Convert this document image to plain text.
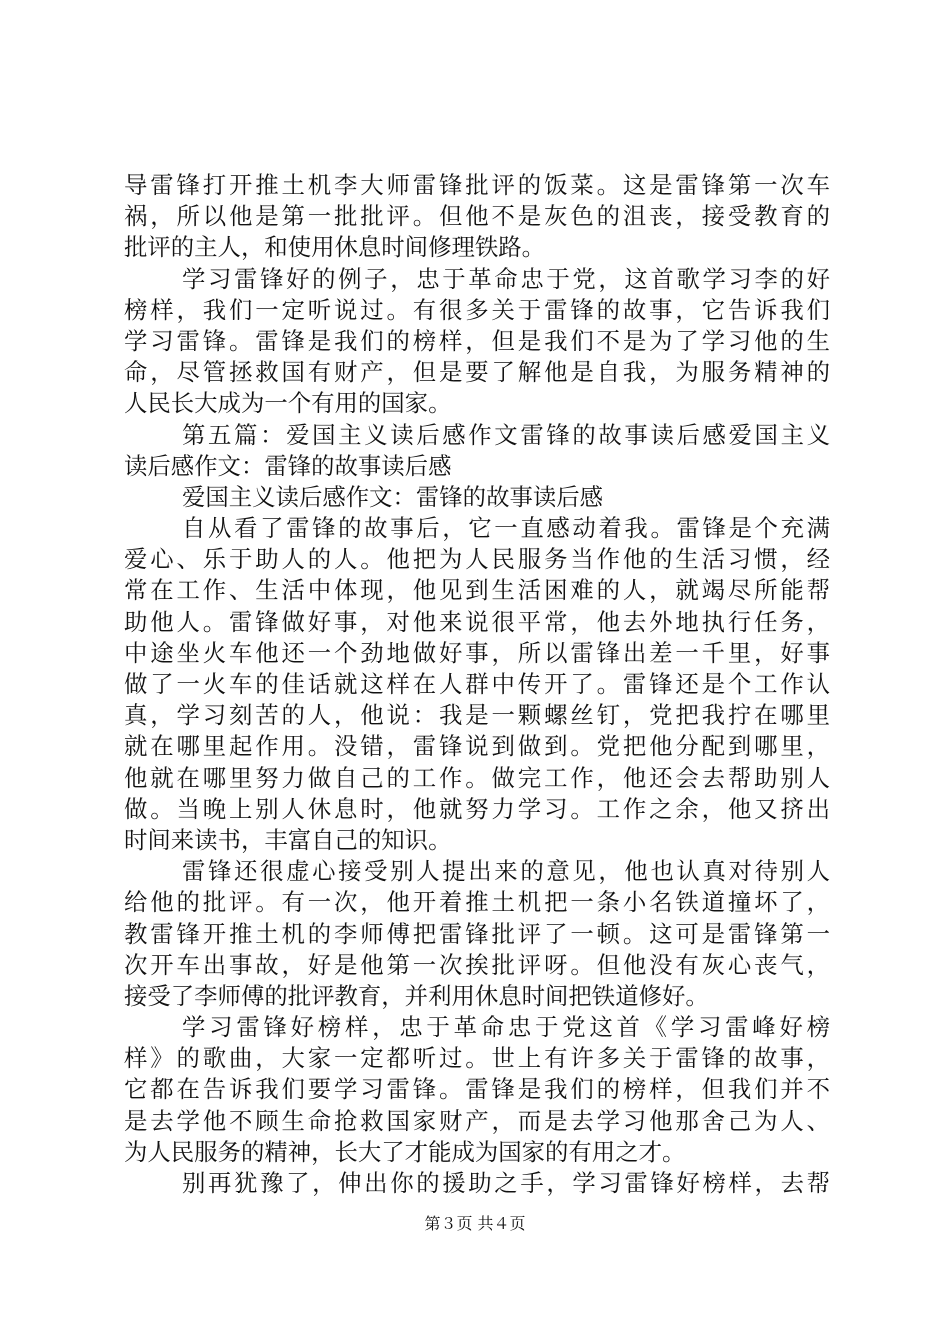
导雷锋打开推土机李大师雷锋批评的饭菜。这是雷锋第一次车
祸，所以他是第一批批评。但他不是灰色的沮丧，接受教育的
批评的主人，和使用休息时间修理铁路。
学习雷锋好的例子，忠于革命忠于党，这首歌学习李的好
榜样，我们一定听说过。有很多关于雷锋的故事，它告诉我们
学习雷锋。雷锋是我们的榜样，但是我们不是为了学习他的生
命，尽管拯救国有财产，但是要了解他是自我，为服务精神的
人民长大成为一个有用的国家。
第五篇：爱国主义读后感作文雷锋的故事读后感爱国主义
读后感作文：雷锋的故事读后感
爱国主义读后感作文：雷锋的故事读后感
自从看了雷锋的故事后，它一直感动着我。雷锋是个充满
爱心、乐于助人的人。他把为人民服务当作他的生活习惯，经
常在工作、生活中体现，他见到生活困难的人，就竭尽所能帮
助他人。雷锋做好事，对他来说很平常，他去外地执行任务，
中途坐火车他还一个劲地做好事，所以雷锋出差一千里，好事
做了一火车的佳话就这样在人群中传开了。雷锋还是个工作认
真，学习刻苦的人，他说：我是一颗螺丝钉，党把我拧在哪里
就在哪里起作用。没错，雷锋说到做到。党把他分配到哪里，
他就在哪里努力做自己的工作。做完工作，他还会去帮助别人
做。当晚上别人休息时，他就努力学习。工作之余，他又挤出
时间来读书，丰富自己的知识。
雷锋还很虚心接受别人提出来的意见，他也认真对待别人
给他的批评。有一次，他开着推土机把一条小名铁道撞坏了，
教雷锋开推土机的李师傅把雷锋批评了一顿。这可是雷锋第一
次开车出事故，好是他第一次挨批评呀。但他没有灰心丧气，
接受了李师傅的批评教育，并利用休息时间把铁道修好。
学习雷锋好榜样，忠于革命忠于党这首《学习雷峰好榜
样》的歌曲，大家一定都听过。世上有许多关于雷锋的故事，
它都在告诉我们要学习雷锋。雷锋是我们的榜样，但我们并不
是去学他不顾生命抢救国家财产，而是去学习他那舍己为人、
为人民服务的精神，长大了才能成为国家的有用之才。
别再犹豫了，伸出你的援助之手，学习雷锋好榜样，去帮
第３页 共４页
